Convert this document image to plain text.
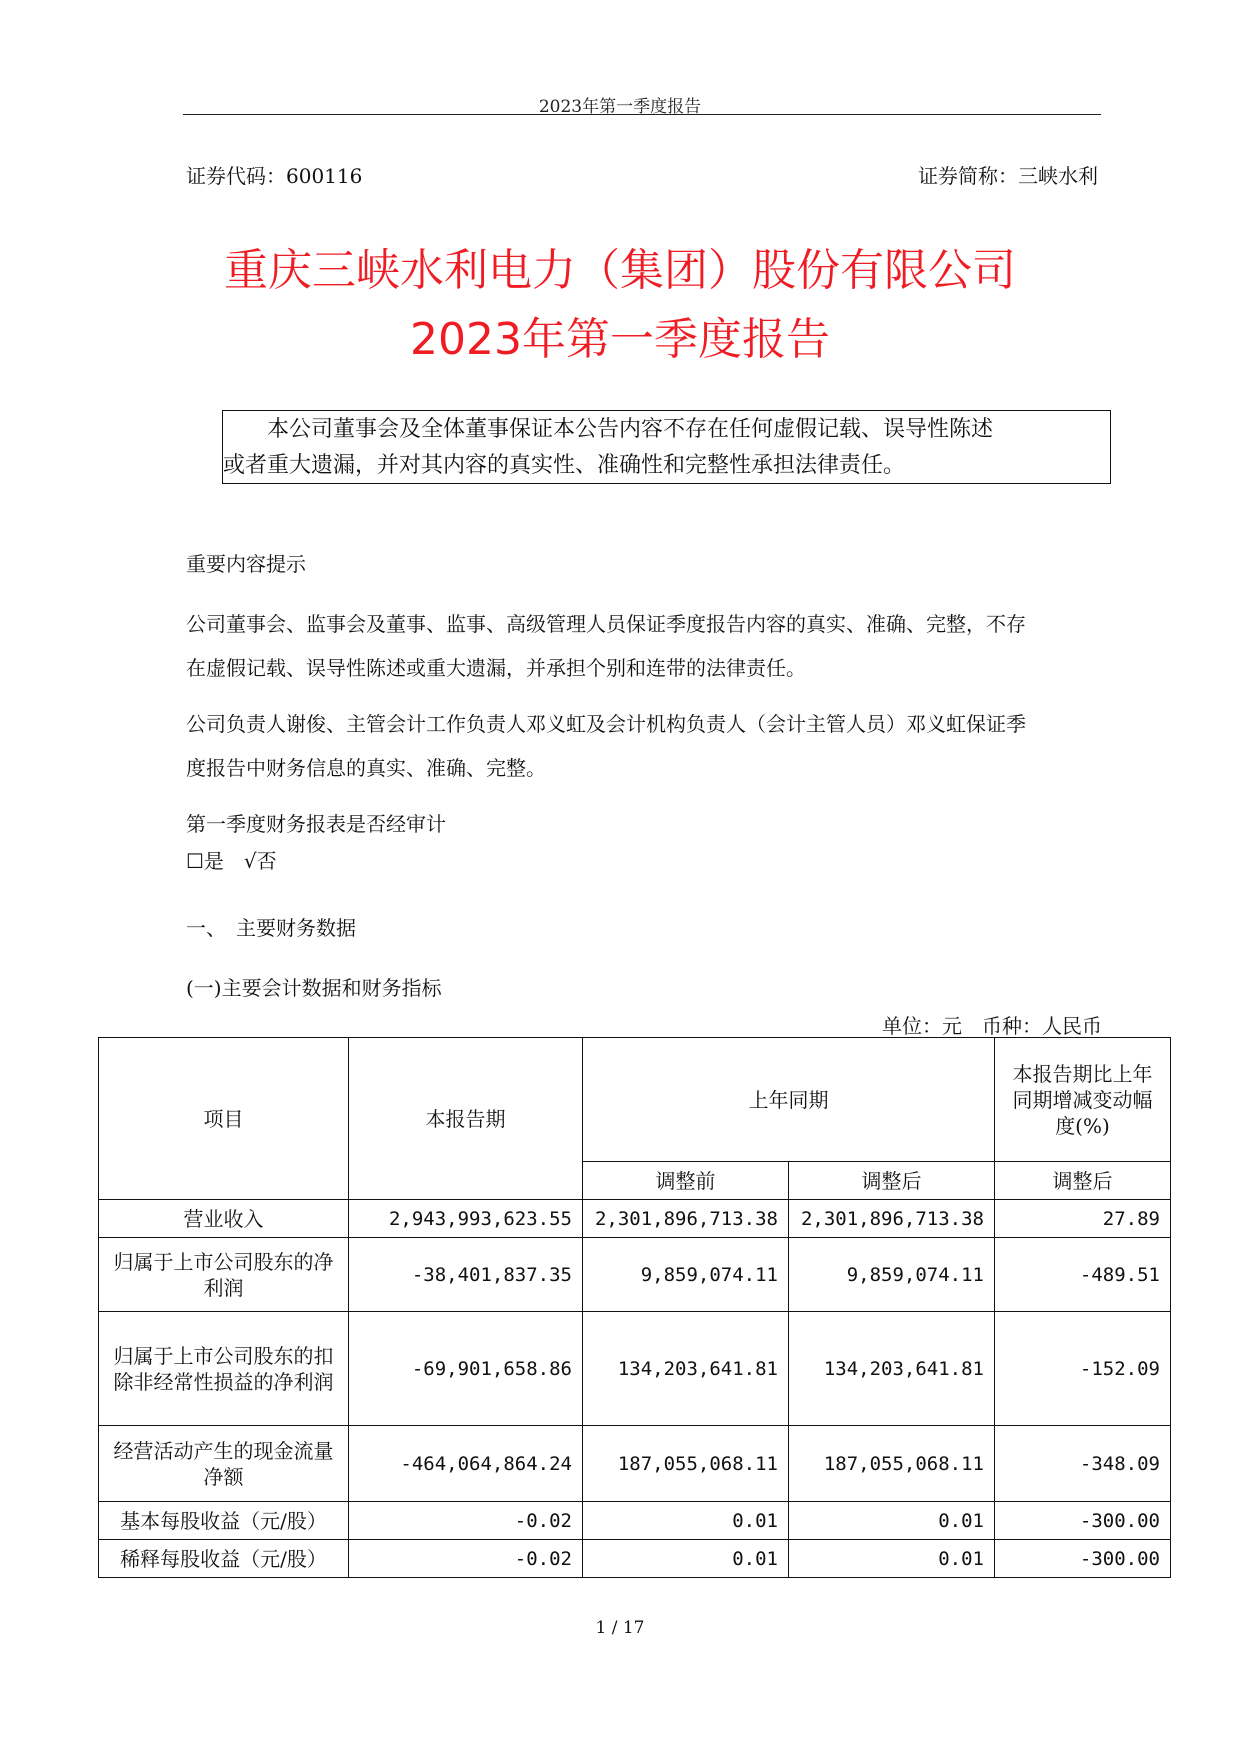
2023年第一季度报告
证券代码：600116	证券简称：三峡水利
重庆三峡水利电力（集团）股份有限公司
2023年第一季度报告
　　本公司董事会及全体董事保证本公告内容不存在任何虚假记载、误导性陈述
或者重大遗漏，并对其内容的真实性、准确性和完整性承担法律责任。
重要内容提示
公司董事会、监事会及董事、监事、高级管理人员保证季度报告内容的真实、准确、完整，不存
在虚假记载、误导性陈述或重大遗漏，并承担个别和连带的法律责任。
公司负责人谢俊、主管会计工作负责人邓义虹及会计机构负责人（会计主管人员）邓义虹保证季
度报告中财务信息的真实、准确、完整。
第一季度财务报表是否经审计
☐是　√否
一、　主要财务数据
(一)主要会计数据和财务指标
单位：元　币种：人民币
项目	本报告期	上年同期		本报告期比上年同期增减变动幅度(%)
		调整前	调整后	调整后
营业收入	2,943,993,623.55	2,301,896,713.38	2,301,896,713.38	27.89
归属于上市公司股东的净利润	-38,401,837.35	9,859,074.11	9,859,074.11	-489.51
归属于上市公司股东的扣除非经常性损益的净利润	-69,901,658.86	134,203,641.81	134,203,641.81	-152.09
经营活动产生的现金流量净额	-464,064,864.24	187,055,068.11	187,055,068.11	-348.09
基本每股收益（元/股）	-0.02	0.01	0.01	-300.00
稀释每股收益（元/股）	-0.02	0.01	0.01	-300.00
1 / 17
